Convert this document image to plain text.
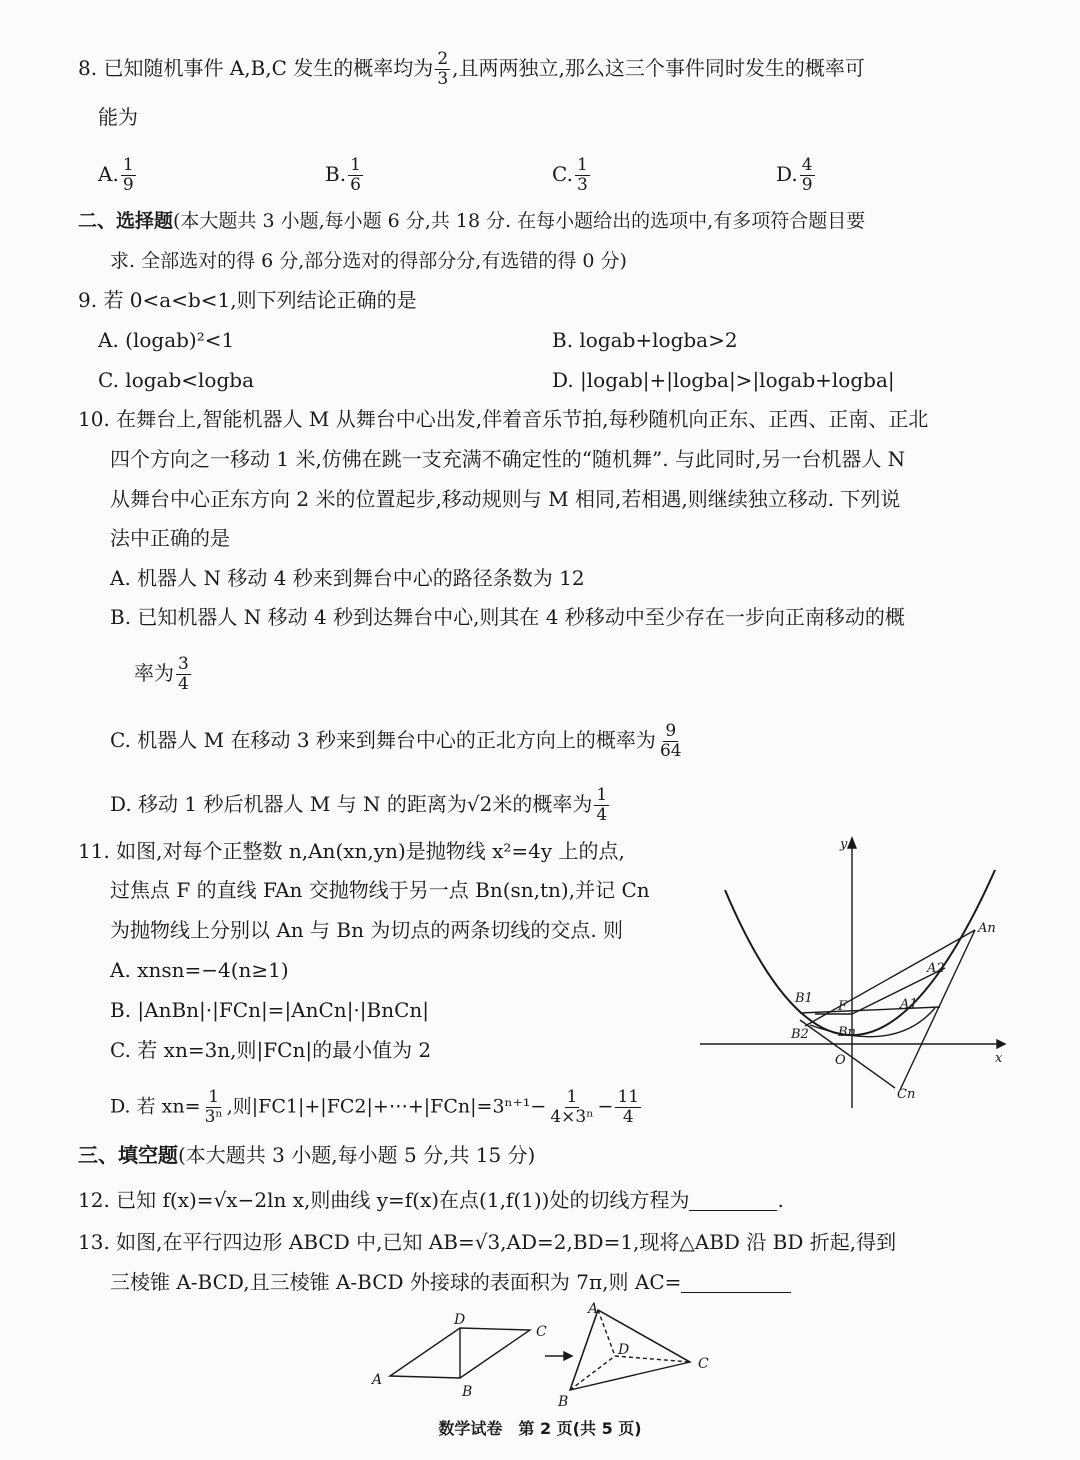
8. 已知随机事件 A,B,C 发生的概率均为 $\frac{2}{3}$ ,且两两独立,那么这三个事件同时发生的概率可
能为
A. $\frac{1}{9}$	B. $\frac{1}{6}$	C. $\frac{1}{3}$	D. $\frac{4}{9}$
二、选择题(本大题共 3 小题,每小题 6 分,共 18 分. 在每小题给出的选项中,有多项符合题目要
求. 全部选对的得 6 分,部分选对的得部分分,有选错的得 0 分)
9. 若 0<a<b<1,则下列结论正确的是
A. (logab)²<1	B. logab+logba>2
C. logab<logba	D. |logab|+|logba|>|logab+logba|
10. 在舞台上,智能机器人 M 从舞台中心出发,伴着音乐节拍,每秒随机向正东、正西、正南、正北
四个方向之一移动 1 米,仿佛在跳一支充满不确定性的“随机舞”. 与此同时,另一台机器人 N
从舞台中心正东方向 2 米的位置起步,移动规则与 M 相同,若相遇,则继续独立移动. 下列说
法中正确的是
A. 机器人 N 移动 4 秒来到舞台中心的路径条数为 12
B. 已知机器人 N 移动 4 秒到达舞台中心,则其在 4 秒移动中至少存在一步向正南移动的概
率为 $\frac{3}{4}$
C. 机器人 M 在移动 3 秒来到舞台中心的正北方向上的概率为 $\frac{9}{64}$
D. 移动 1 秒后机器人 M 与 N 的距离为√2米的概率为 $\frac{1}{4}$
11. 如图,对每个正整数 n,An(xn,yn)是抛物线 x²=4y 上的点,
过焦点 F 的直线 FAn 交抛物线于另一点 Bn(sn,tn),并记 Cn
为抛物线上分别以 An 与 Bn 为切点的两条切线的交点. 则
A. xnsn=−4(n≥1)
B. |AnBn|·|FCn|=|AnCn|·|BnCn|
C. 若 xn=3n,则|FCn|的最小值为 2
D. 若 $xn= \frac{1}{\text{3ⁿ}}$ ,则|FC1|+|FC2|+⋯+|FCn|=3ⁿ⁺¹− $\frac{1}{\text{4×3ⁿ}} - \frac{11}{4}$
y
x
O
F
An
A2
A1
B1
B2 Bn
Cn
三、填空题(本大题共 3 小题,每小题 5 分,共 15 分)
12. 已知 f(x)=√x−2ln x,则曲线 y=f(x)在点(1,f(1))处的切线方程为	.
13. 如图,在平行四边形 ABCD 中,已知 AB=√3,AD=2,BD=1,现将△ABD 沿 BD 折起,得到
三棱锥 A-BCD,且三棱锥 A-BCD 外接球的表面积为 7π,则 AC=
A
B
C
D
A
B
C
D
数学试卷　第 2 页(共 5 页)
